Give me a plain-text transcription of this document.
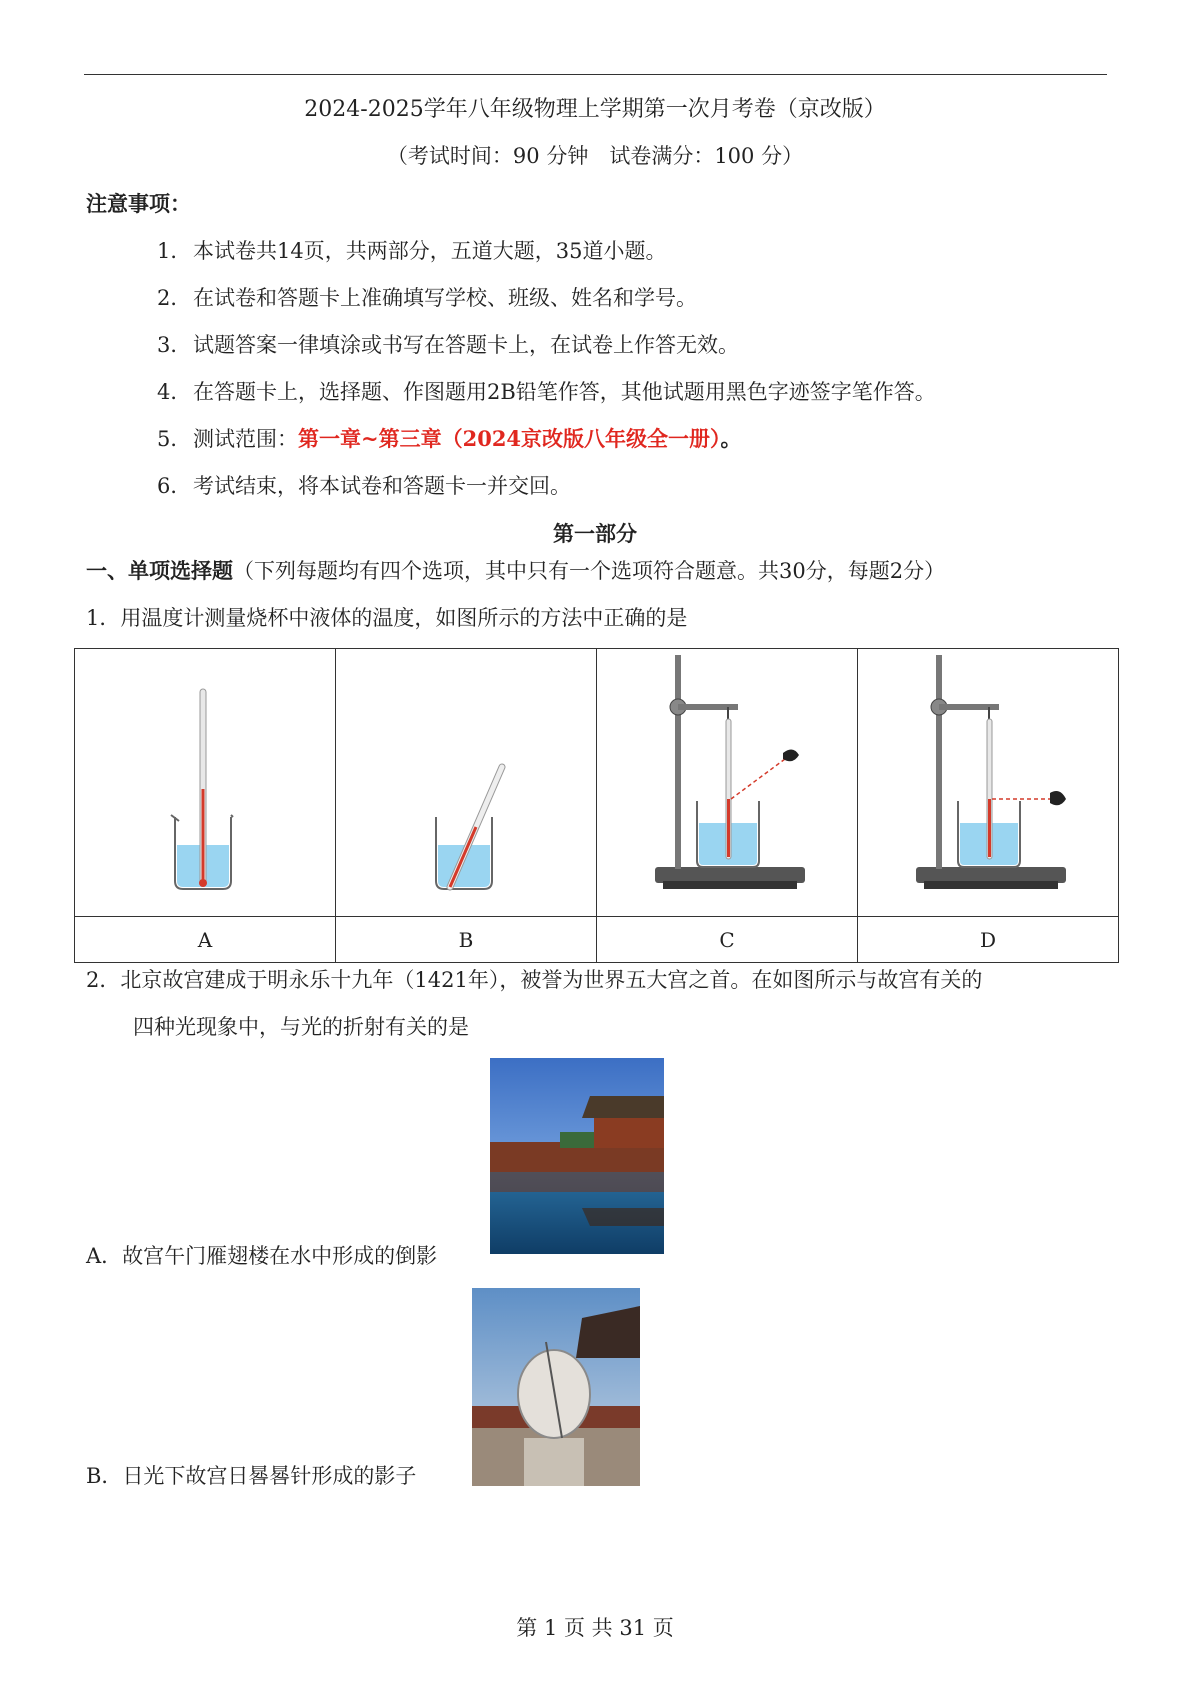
2024-2025学年八年级物理上学期第一次月考卷（京改版）
（考试时间：90 分钟　试卷满分：100 分）
注意事项：
1．本试卷共14页，共两部分，五道大题，35道小题。
2．在试卷和答题卡上准确填写学校、班级、姓名和学号。
3．试题答案一律填涂或书写在答题卡上，在试卷上作答无效。
4．在答题卡上，选择题、作图题用2B铅笔作答，其他试题用黑色字迹签字笔作答。
5．测试范围：第一章~第三章（2024京改版八年级全一册）。
6．考试结束，将本试卷和答题卡一并交回。
第一部分
一、单项选择题（下列每题均有四个选项，其中只有一个选项符合题意。共30分，每题2分）
1．用温度计测量烧杯中液体的温度，如图所示的方法中正确的是

A	B	C	D
2．北京故宫建成于明永乐十九年（1421年），被誉为世界五大宫之首。在如图所示与故宫有关的
四种光现象中，与光的折射有关的是
A．故宫午门雁翅楼在水中形成的倒影
B．日光下故宫日晷晷针形成的影子
第 1 页 共 31 页
